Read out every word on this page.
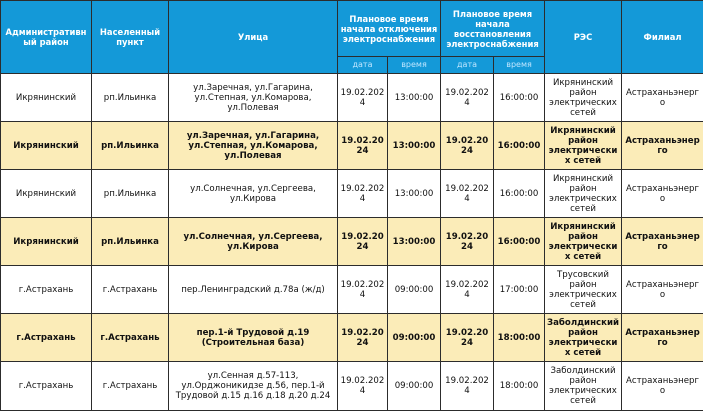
Административный район	Населенный пункт	Улица	Плановое время начала отключения электроснабжения		Плановое время начала восстановления электроснабжения		РЭС	Филиал
			дата	время	дата	время		
Икрянинский	рп.Ильинка	ул.Заречная, ул.Гагарина, ул.Степная, ул.Комарова, ул.Полевая	19.02.2024	13:00:00	19.02.2024	16:00:00	Икрянинский район электрических сетей	Астраханьэнерго
Икрянинский	рп.Ильинка	ул.Заречная, ул.Гагарина, ул.Степная, ул.Комарова, ул.Полевая	19.02.2024	13:00:00	19.02.2024	16:00:00	Икрянинский район электрических сетей	Астраханьэнерго
Икрянинский	рп.Ильинка	ул.Солнечная, ул.Сергеева, ул.Кирова	19.02.2024	13:00:00	19.02.2024	16:00:00	Икрянинский район электрических сетей	Астраханьэнерго
Икрянинский	рп.Ильинка	ул.Солнечная, ул.Сергеева, ул.Кирова	19.02.2024	13:00:00	19.02.2024	16:00:00	Икрянинский район электрических сетей	Астраханьэнерго
г.Астрахань	г.Астрахань	пер.Ленинградский д.78а (ж/д)	19.02.2024	09:00:00	19.02.2024	17:00:00	Трусовский район электрических сетей	Астраханьэнерго
г.Астрахань	г.Астрахань	пер.1-й Трудовой д.19 (Строительная база)	19.02.2024	09:00:00	19.02.2024	18:00:00	Заболдинский район электрических сетей	Астраханьэнерго
г.Астрахань	г.Астрахань	ул.Сенная д.57-113, ул.Орджоникидзе д.56, пер.1-й Трудовой д.15 д.16 д.18 д.20 д.24	19.02.2024	09:00:00	19.02.2024	18:00:00	Заболдинский район электрических сетей	Астраханьэнерго
